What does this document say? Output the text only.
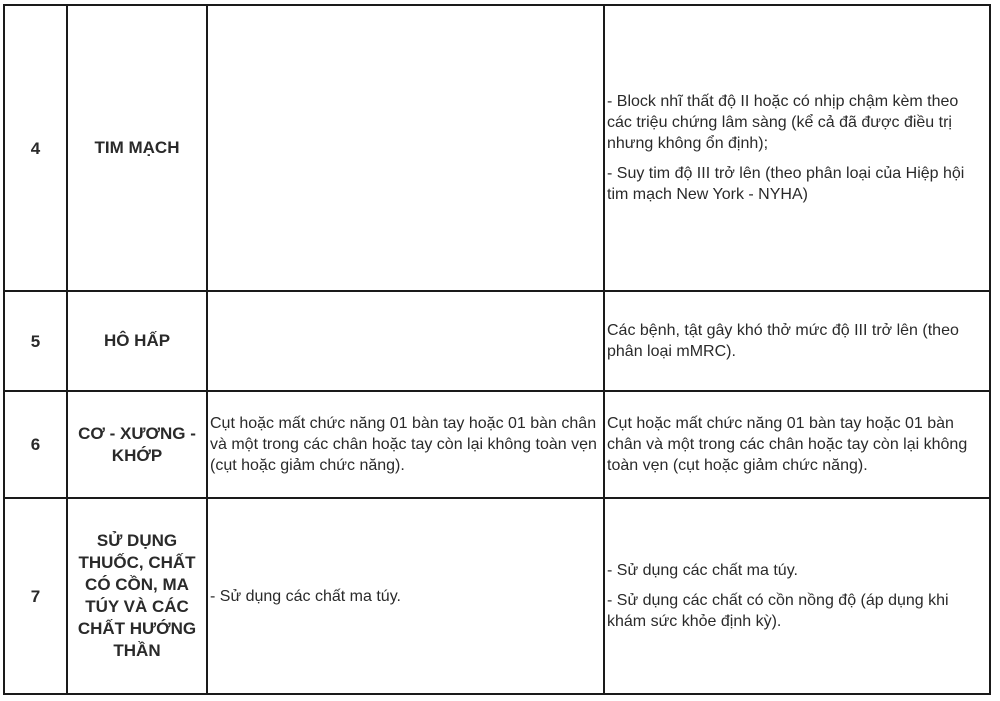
4	TIM MẠCH		- Block nhĩ thất độ II hoặc có nhịp chậm kèm theo các triệu chứng lâm sàng (kể cả đã được điều trị nhưng không ổn định);

- Suy tim độ III trở lên (theo phân loại của Hiệp hội tim mạch New York - NYHA)

5	HÔ HẤP		Các bệnh, tật gây khó thở mức độ III trở lên (theo phân loại mMRC).

6	CƠ - XƯƠNG - KHỚP	Cụt hoặc mất chức năng 01 bàn tay hoặc 01 bàn chân và một trong các chân hoặc tay còn lại không toàn vẹn (cụt hoặc giảm chức năng).	Cụt hoặc mất chức năng 01 bàn tay hoặc 01 bàn chân và một trong các chân hoặc tay còn lại không toàn vẹn (cụt hoặc giảm chức năng).

7	SỬ DỤNG THUỐC, CHẤT CÓ CỒN, MA TÚY VÀ CÁC CHẤT HƯỚNG THẦN	- Sử dụng các chất ma túy.	- Sử dụng các chất ma túy.

- Sử dụng các chất có cồn nồng độ (áp dụng khi khám sức khỏe định kỳ).
